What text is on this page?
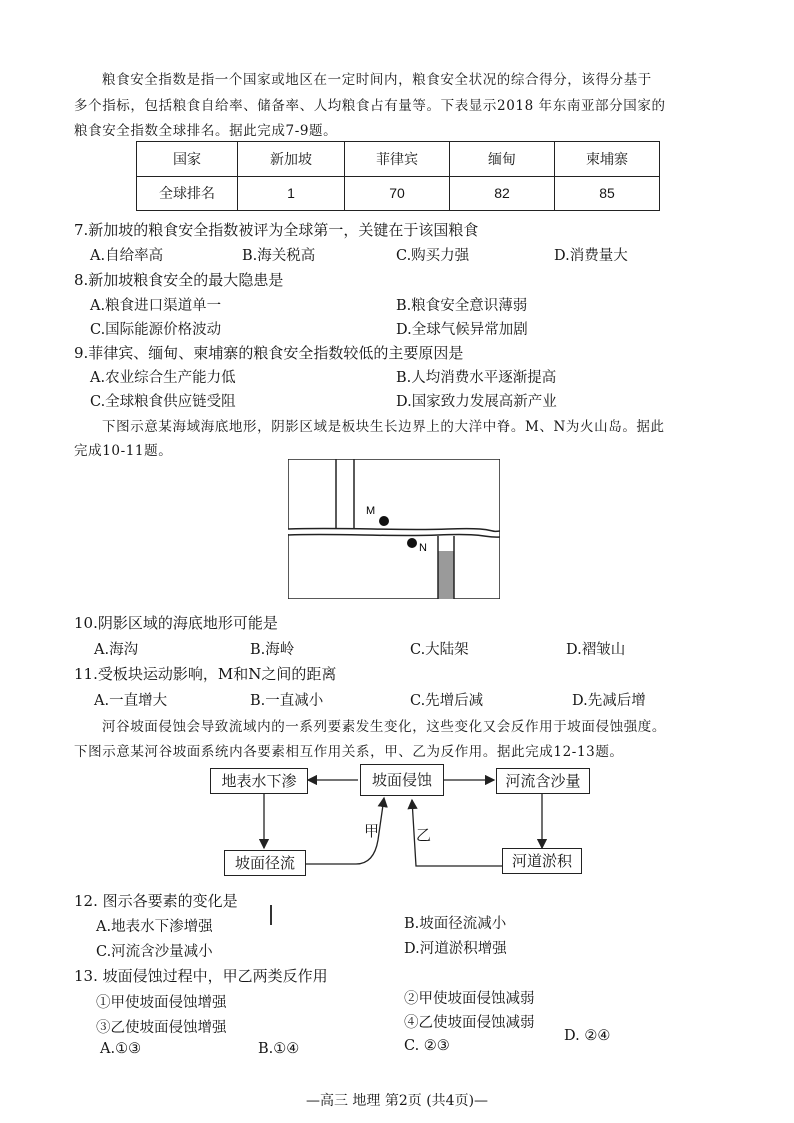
粮食安全指数是指一个国家或地区在一定时间内，粮食安全状况的综合得分，该得分基于
多个指标，包括粮食自给率、储备率、人均粮食占有量等。下表显示2018 年东南亚部分国家的
粮食安全指数全球排名。据此完成7-9题。
国家	新加坡	菲律宾	缅甸	柬埔寨
全球排名	1	70	82	85
7.新加坡的粮食安全指数被评为全球第一，关键在于该国粮食
A.自给率高	B.海关税高	C.购买力强	D.消费量大
8.新加坡粮食安全的最大隐患是
A.粮食进口渠道单一	B.粮食安全意识薄弱
C.国际能源价格波动	D.全球气候异常加剧
9.菲律宾、缅甸、柬埔寨的粮食安全指数较低的主要原因是
A.农业综合生产能力低	B.人均消费水平逐渐提高
C.全球粮食供应链受阻	D.国家致力发展高新产业
下图示意某海域海底地形，阴影区域是板块生长边界上的大洋中脊。M、N为火山岛。据此
完成10-11题。
M
N
10.阴影区域的海底地形可能是
A.海沟	B.海岭	C.大陆架	D.褶皱山
11.受板块运动影响，M和N之间的距离
A.一直增大	B.一直减小	C.先增后减	D.先减后增
河谷坡面侵蚀会导致流域内的一系列要素发生变化，这些变化又会反作用于坡面侵蚀强度。
下图示意某河谷坡面系统内各要素相互作用关系，甲、乙为反作用。据此完成12-13题。
地表水下渗	坡面侵蚀	河流含沙量
坡面径流	河道淤积
甲 乙
12. 图示各要素的变化是
A.地表水下渗增强	B.坡面径流减小
C.河流含沙量减小	D.河道淤积增强
13. 坡面侵蚀过程中，甲乙两类反作用
①甲使坡面侵蚀增强	②甲使坡面侵蚀减弱
③乙使坡面侵蚀增强	④乙使坡面侵蚀减弱
A.①③	B.①④	C. ②③
D. ②④
—高三 地理 第2页 (共4页)—
